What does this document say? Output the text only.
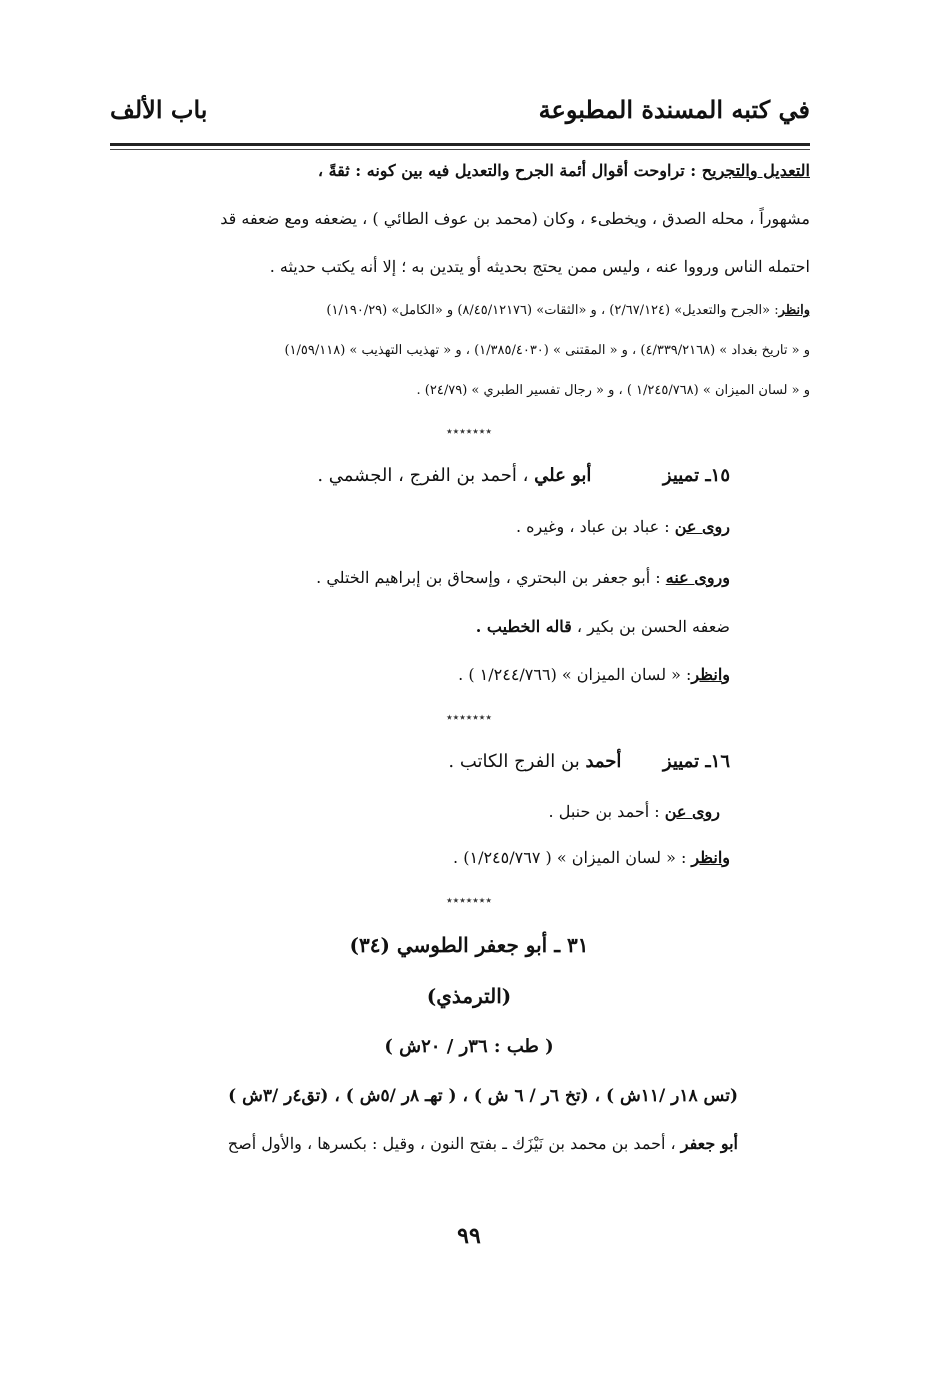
في كتبه المسندة المطبوعة
باب الألف
التعديل والتجريح : تراوحت أقوال أئمة الجرح والتعديل فيه بين كونه : ثقةً ،
مشهوراً ، محله الصدق ، ويخطىء ، وكان (محمد بن عوف الطائي ) ، يضعفه ومع ضعفه قد
احتمله الناس ورووا عنه ، وليس ممن يحتج بحديثه أو يتدين به ؛ إلا أنه يكتب حديثه .
وانظر: «الجرح والتعديل» (٢/٦٧/١٢٤) ، و «الثقات» (٨/٤٥/١٢١٧٦) و «الكامل» (١/١٩٠/٢٩)
و « تاريخ بغداد » (٤/٣٣٩/٢١٦٨) ، و « المقتنى » (١/٣٨٥/٤٠٣٠) ، و « تهذيب التهذيب » (١/٥٩/١١٨)
و « لسان الميزان » (١/٢٤٥/٧٦٨ ) ، و « رجال تفسير الطبري » (٢٤/٧٩) .
٭٭٭٭٭٭٭
١٥ـ تمييز  أبو علي ، أحمد بن الفرج ، الجشمي .
روى عن : عباد بن عباد ، وغيره .
وروى عنه : أبو جعفر بن البحتري ، وإسحاق بن إبراهيم الختلي .
ضعفه الحسن بن بكير ، قاله الخطيب .
وانظر: « لسان الميزان » (١/٢٤٤/٧٦٦ ) .
٭٭٭٭٭٭٭
١٦ـ تمييز  أحمد بن الفرج الكاتب .
روى عن : أحمد بن حنبل .
وانظر : « لسان الميزان » ( ١/٢٤٥/٧٦٧) .
٭٭٭٭٭٭٭
٣١ ـ أبو جعفر الطوسي (٣٤)
(الترمذي)
( طب : ٣٦ر / ٢٠ش )
(تس ١٨ر /١١ش ) ، (تخ ٦ر / ٦ ش ) ، ( تهـ ٨ر /٥ش ) ، (تق٤ر /٣ش )
أبو جعفر ، أحمد بن محمد بن نَيْزَك ـ بفتح النون ، وقيل : بكسرها ، والأول أصح
٩٩
